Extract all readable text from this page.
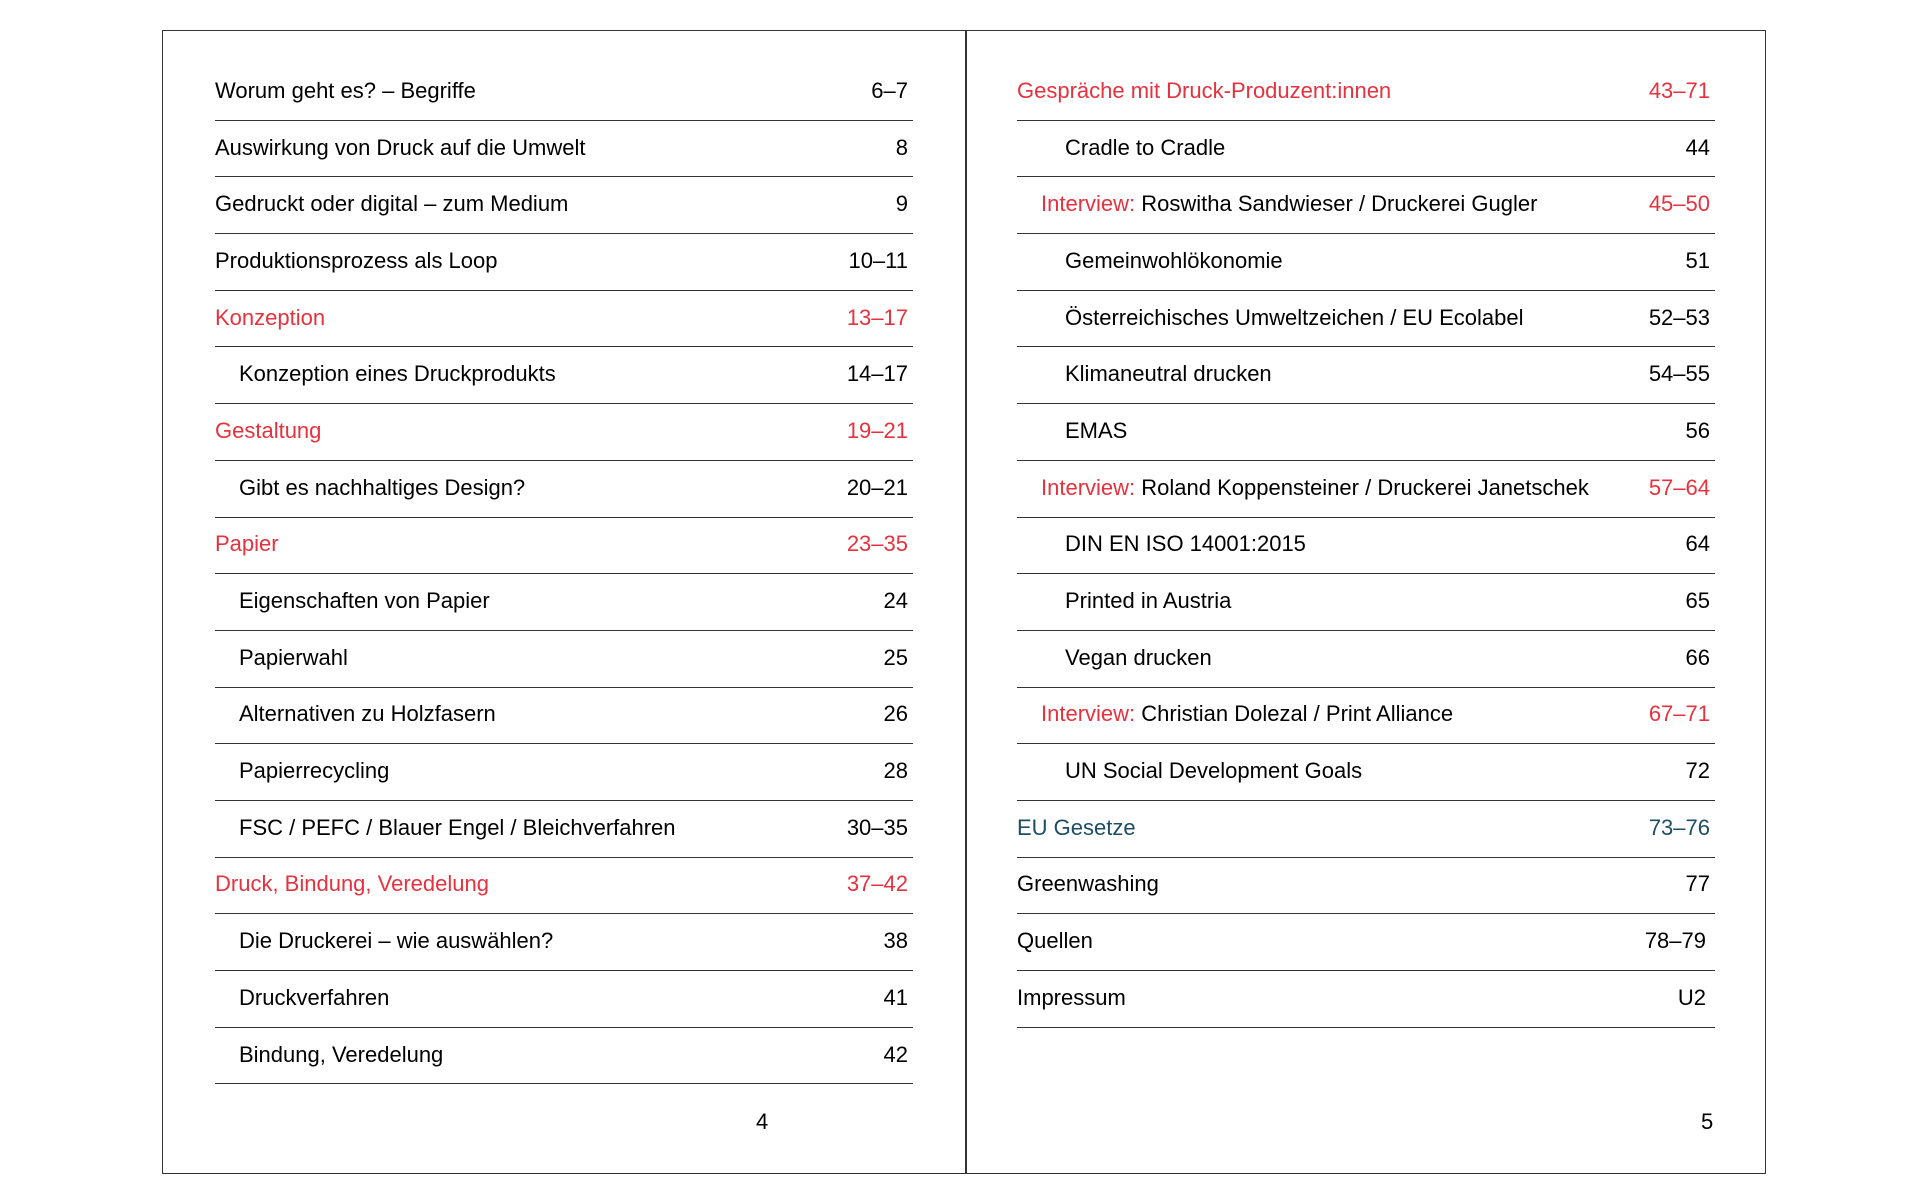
Worum geht es? – Begriffe	6–7
Auswirkung von Druck auf die Umwelt	8
Gedruckt oder digital – zum Medium	9
Produktionsprozess als Loop	10–11
Konzeption	13–17
Konzeption eines Druckprodukts	14–17
Gestaltung	19–21
Gibt es nachhaltiges Design?	20–21
Papier	23–35
Eigenschaften von Papier	24
Papierwahl	25
Alternativen zu Holzfasern	26
Papierrecycling	28
FSC / PEFC / Blauer Engel / Bleichverfahren	30–35
Druck, Bindung, Veredelung	37–42
Die Druckerei – wie auswählen?	38
Druckverfahren	41
Bindung, Veredelung	42
Gespräche mit Druck-Produzent:innen	43–71
Cradle to Cradle	44
Interview: Roswitha Sandwieser / Druckerei Gugler	45–50
Gemeinwohlökonomie	51
Österreichisches Umweltzeichen / EU Ecolabel	52–53
Klimaneutral drucken	54–55
EMAS	56
Interview: Roland Koppensteiner / Druckerei Janetschek	57–64
DIN EN ISO 14001:2015	64
Printed in Austria	65
Vegan drucken	66
Interview: Christian Dolezal / Print Alliance	67–71
UN Social Development Goals	72
EU Gesetze	73–76
Greenwashing	77
Quellen	78–79
Impressum	U2
4	5
